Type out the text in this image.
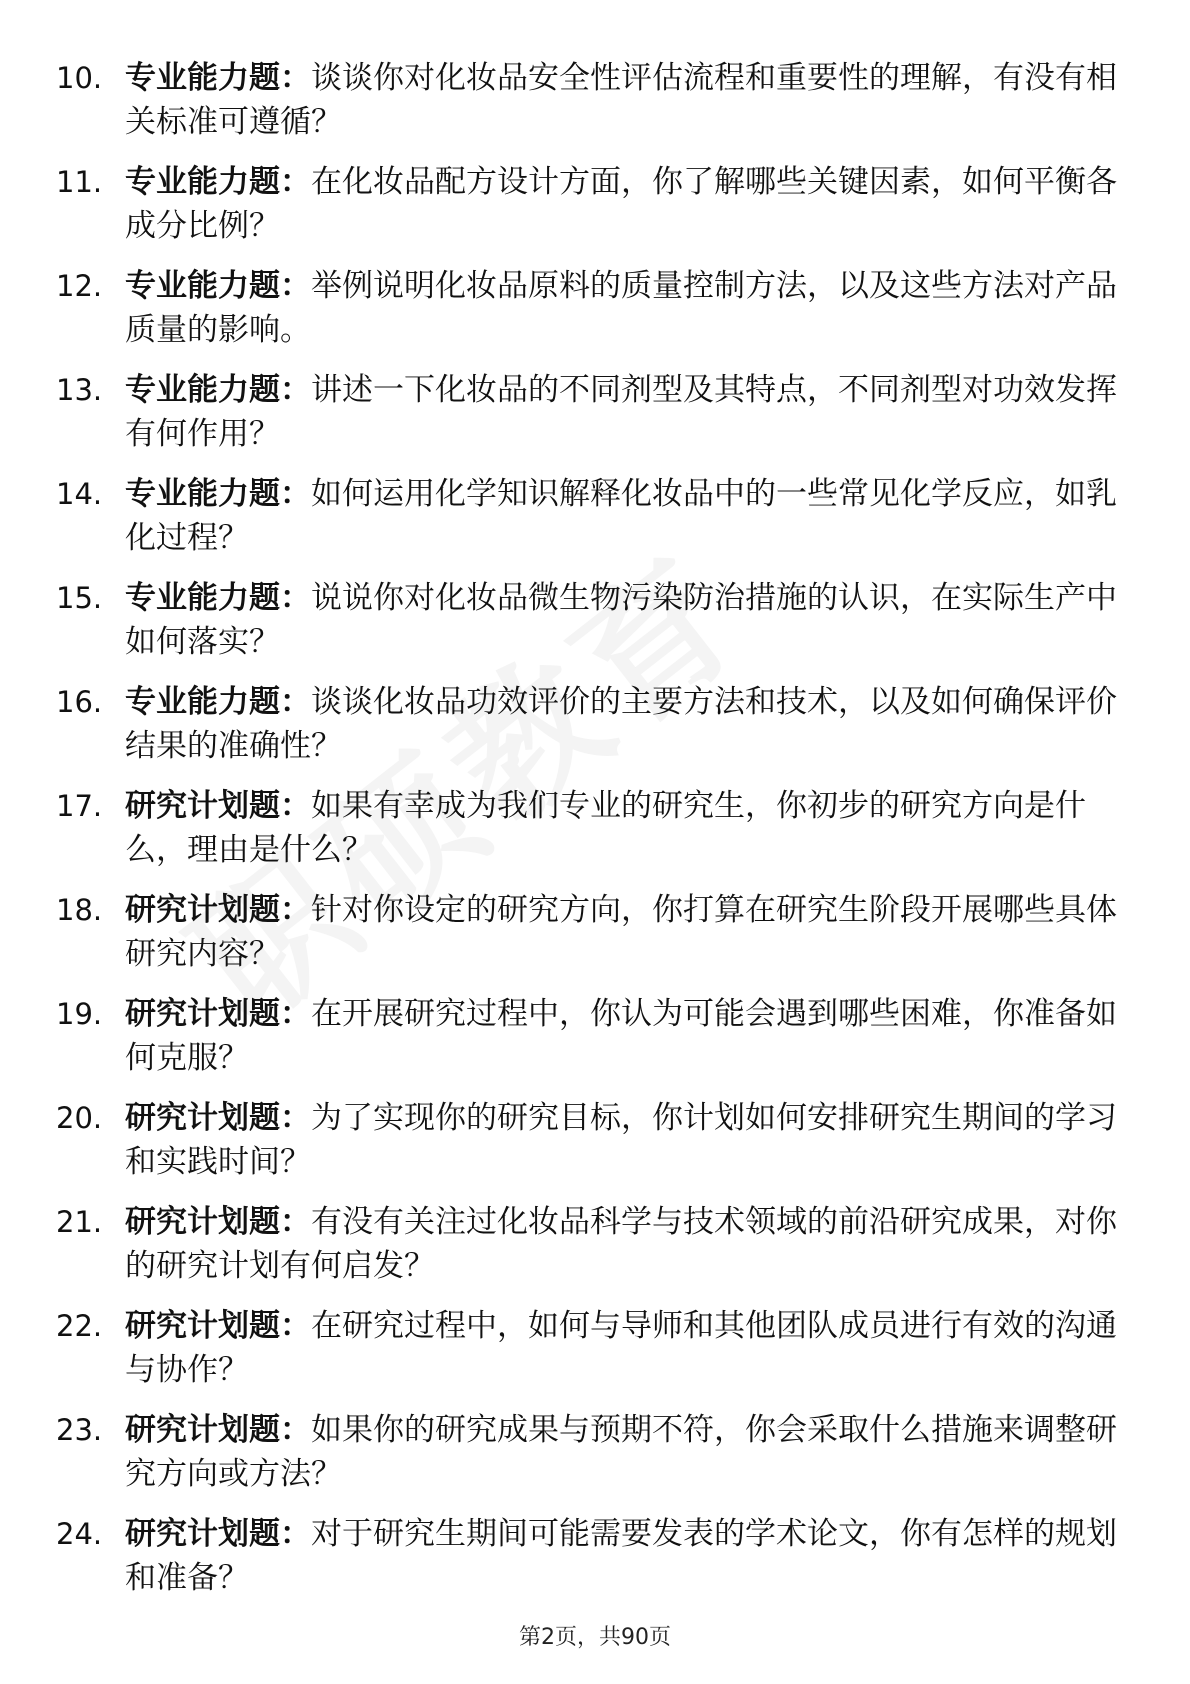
10. 专业能力题：谈谈你对化妆品安全性评估流程和重要性的理解，有没有相关标准可遵循？
11. 专业能力题：在化妆品配方设计方面，你了解哪些关键因素，如何平衡各成分比例？
12. 专业能力题：举例说明化妆品原料的质量控制方法，以及这些方法对产品质量的影响。
13. 专业能力题：讲述一下化妆品的不同剂型及其特点，不同剂型对功效发挥有何作用？
14. 专业能力题：如何运用化学知识解释化妆品中的一些常见化学反应，如乳化过程？
15. 专业能力题：说说你对化妆品微生物污染防治措施的认识，在实际生产中如何落实？
16. 专业能力题：谈谈化妆品功效评价的主要方法和技术，以及如何确保评价结果的准确性？
17. 研究计划题：如果有幸成为我们专业的研究生，你初步的研究方向是什么，理由是什么？
18. 研究计划题：针对你设定的研究方向，你打算在研究生阶段开展哪些具体研究内容？
19. 研究计划题：在开展研究过程中，你认为可能会遇到哪些困难，你准备如何克服？
20. 研究计划题：为了实现你的研究目标，你计划如何安排研究生期间的学习和实践时间？
21. 研究计划题：有没有关注过化妆品科学与技术领域的前沿研究成果，对你的研究计划有何启发？
22. 研究计划题：在研究过程中，如何与导师和其他团队成员进行有效的沟通与协作？
23. 研究计划题：如果你的研究成果与预期不符，你会采取什么措施来调整研究方向或方法？
24. 研究计划题：对于研究生期间可能需要发表的学术论文，你有怎样的规划和准备？
第2页，共90页
